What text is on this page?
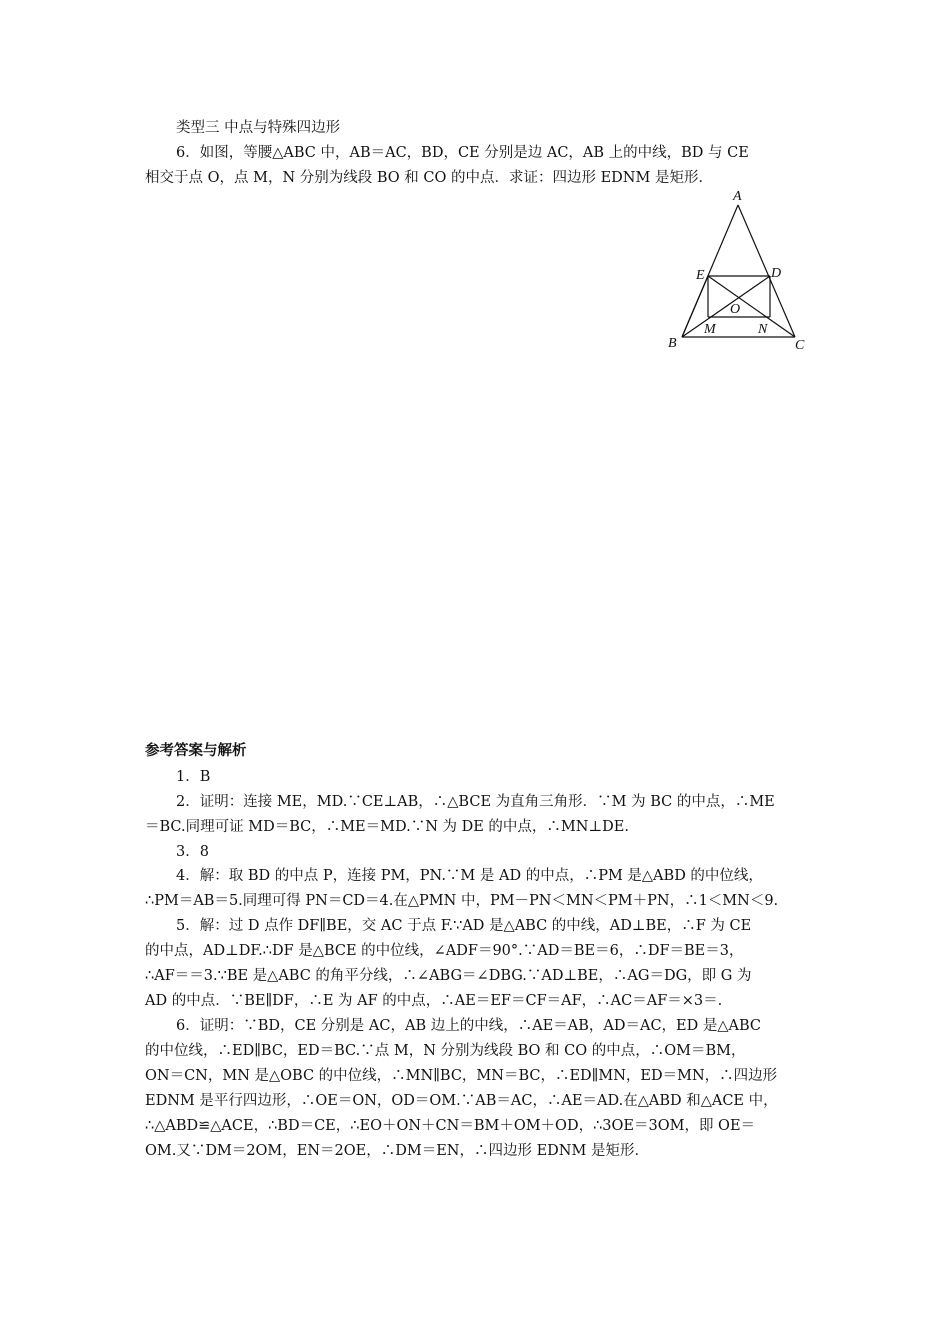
类型三 中点与特殊四边形
6．如图，等腰△ABC 中，AB＝AC，BD，CE 分别是边 AC，AB 上的中线，BD 与 CE
相交于点 O，点 M，N 分别为线段 BO 和 CO 的中点．求证：四边形 EDNM 是矩形．
A
B	C
D
E
O
M	N
参考答案与解析
1．B
2．证明：连接 ME，MD.∵CE⊥AB，∴△BCE 为直角三角形．∵M 为 BC 的中点，∴ME
＝BC.同理可证 MD＝BC，∴ME＝MD.∵N 为 DE 的中点，∴MN⊥DE.
3．8
4．解：取 BD 的中点 P，连接 PM，PN.∵M 是 AD 的中点，∴PM 是△ABD 的中位线，
∴PM＝AB＝5.同理可得 PN＝CD＝4.在△PMN 中，PM－PN＜MN＜PM＋PN，∴1＜MN＜9.
5．解：过 D 点作 DF∥BE，交 AC 于点 F.∵AD 是△ABC 的中线，AD⊥BE，∴F 为 CE
的中点，AD⊥DF.∴DF 是△BCE 的中位线，∠ADF＝90°.∵AD＝BE＝6，∴DF＝BE＝3，
∴AF＝＝3.∵BE 是△ABC 的角平分线，∴∠ABG＝∠DBG.∵AD⊥BE，∴AG＝DG，即 G 为
AD 的中点．∵BE∥DF，∴E 为 AF 的中点，∴AE＝EF＝CF＝AF，∴AC＝AF＝×3＝.
6．证明：∵BD，CE 分别是 AC，AB 边上的中线，∴AE＝AB，AD＝AC，ED 是△ABC
的中位线，∴ED∥BC，ED＝BC.∵点 M，N 分别为线段 BO 和 CO 的中点，∴OM＝BM，
ON＝CN，MN 是△OBC 的中位线，∴MN∥BC，MN＝BC，∴ED∥MN，ED＝MN，∴四边形
EDNM 是平行四边形，∴OE＝ON，OD＝OM.∵AB＝AC，∴AE＝AD.在△ABD 和△ACE 中，
∴△ABD≌△ACE，∴BD＝CE，∴EO＋ON＋CN＝BM＋OM＋OD，∴3OE＝3OM，即 OE＝
OM.又∵DM＝2OM，EN＝2OE，∴DM＝EN，∴四边形 EDNM 是矩形．
